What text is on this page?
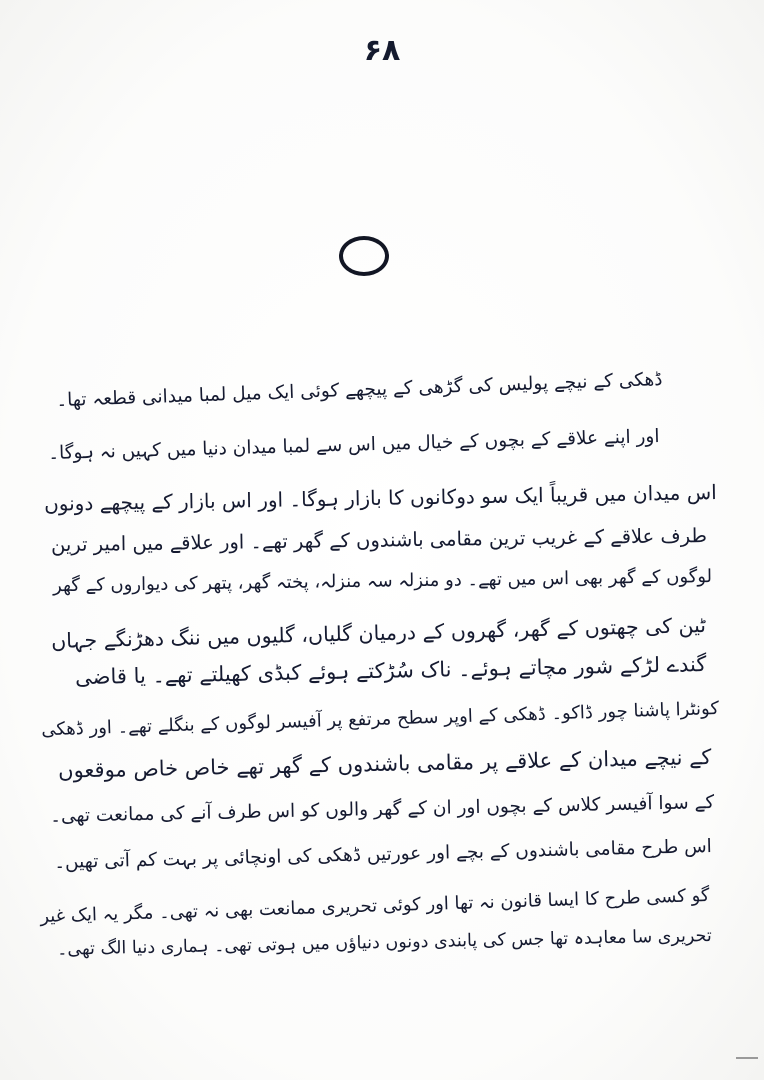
۶۸
ڈھکی کے نیچے پولیس کی گڑھی کے پیچھے کوئی ایک میل لمبا میدانی قطعہ تھا۔
اور اپنے علاقے کے بچوں کے خیال میں اس سے لمبا میدان دنیا میں کہیں نہ ہوگا۔
اس میدان میں قریباً ایک سو دوکانوں کا بازار ہوگا۔ اور اس بازار کے پیچھے دونوں
طرف علاقے کے غریب ترین مقامی باشندوں کے گھر تھے۔ اور علاقے میں امیر ترین
لوگوں کے گھر بھی اس میں تھے۔ دو منزلہ سہ منزلہ، پختہ گھر، پتھر کی دیواروں کے گھر
ٹین کی چھتوں کے گھر، گھروں کے درمیان گلیاں، گلیوں میں ننگ دھڑنگے جہاں
گندے لڑکے شور مچاتے ہوئے۔ ناک سُڑکتے ہوئے کبڈی کھیلتے تھے۔ یا قاضی
کونٹرا پاشنا چور ڈاکو۔ ڈھکی کے اوپر سطح مرتفع پر آفیسر لوگوں کے بنگلے تھے۔ اور ڈھکی
کے نیچے میدان کے علاقے پر مقامی باشندوں کے گھر تھے خاص خاص موقعوں
کے سوا آفیسر کلاس کے بچوں اور ان کے گھر والوں کو اس طرف آنے کی ممانعت تھی۔
اس طرح مقامی باشندوں کے بچے اور عورتیں ڈھکی کی اونچائی پر بہت کم آتی تھیں۔
گو کسی طرح کا ایسا قانون نہ تھا اور کوئی تحریری ممانعت بھی نہ تھی۔ مگر یہ ایک غیر
تحریری سا معاہدہ تھا جس کی پابندی دونوں دنیاؤں میں ہوتی تھی۔ ہماری دنیا الگ تھی۔
